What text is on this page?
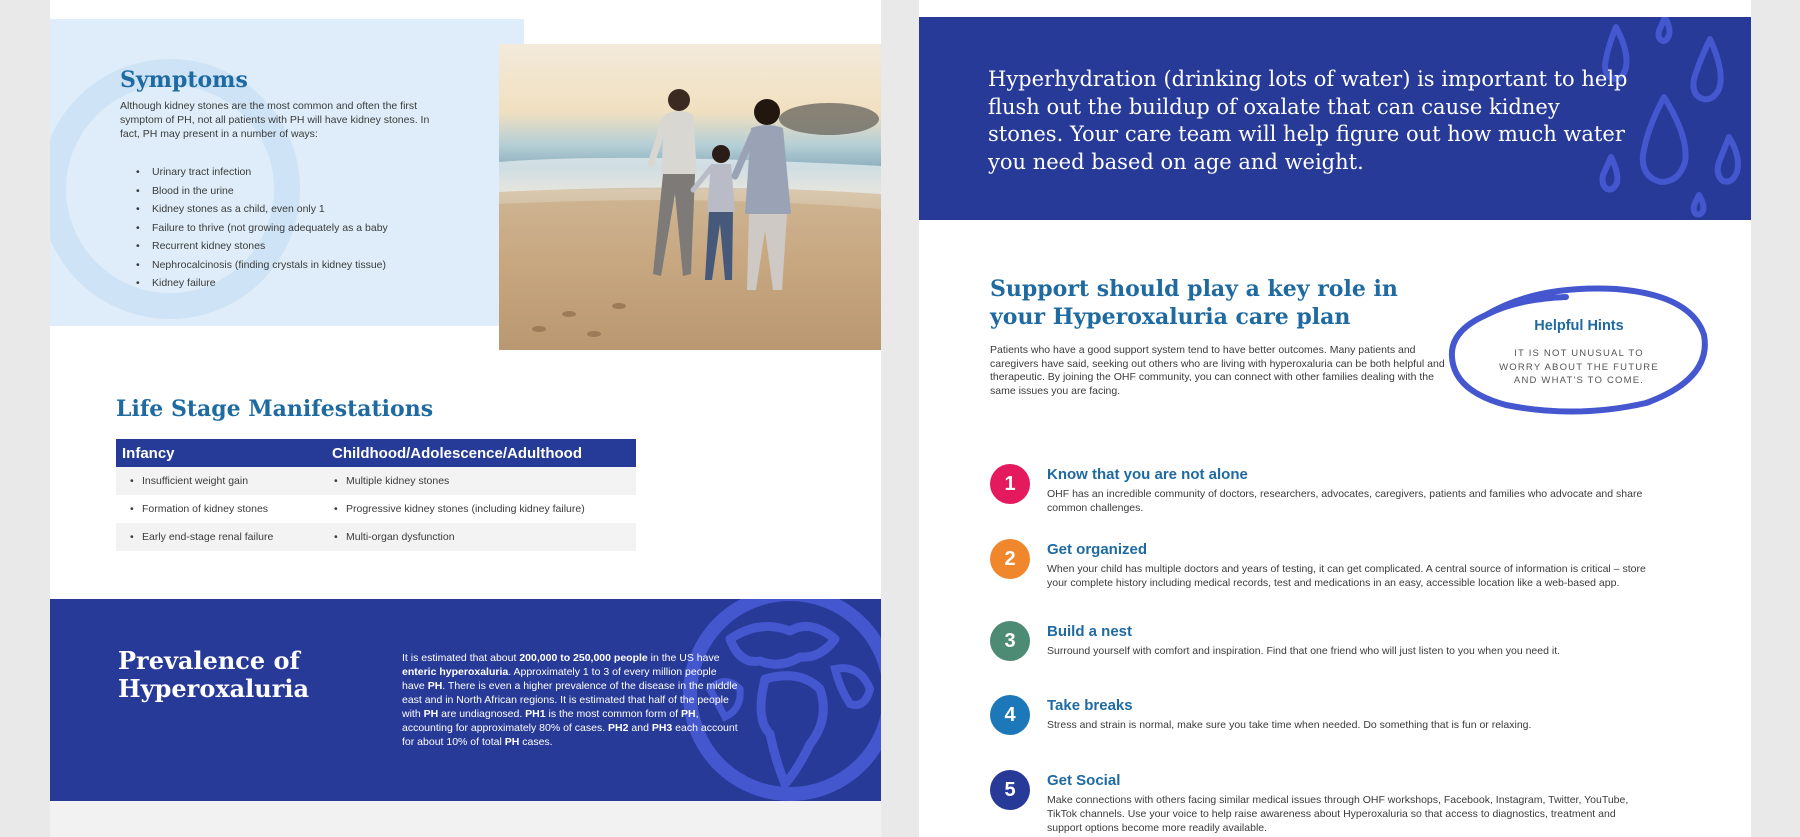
Symptoms

Although kidney stones are the most common and often the first symptom of PH, not all patients with PH will have kidney stones. In fact, PH may present in a number of ways:

• Urinary tract infection
• Blood in the urine
• Kidney stones as a child, even only 1
• Failure to thrive (not growing adequately as a baby
• Recurrent kidney stones
• Nephrocalcinosis (finding crystals in kidney tissue)
• Kidney failure
Life Stage Manifestations
Infancy	Childhood/Adolescence/Adulthood
• Insufficient weight gain	• Multiple kidney stones
• Formation of kidney stones	• Progressive kidney stones (including kidney failure)
• Early end-stage renal failure	• Multi-organ dysfunction
Prevalence of
Hyperoxaluria

It is estimated that about 200,000 to 250,000 people in the US have enteric hyperoxaluria. Approximately 1 to 3 of every million people have PH. There is even a higher prevalence of the disease in the middle east and in North African regions. It is estimated that half of the people with PH are undiagnosed. PH1 is the most common form of PH, accounting for approximately 80% of cases. PH2 and PH3 each account for about 10% of total PH cases.

Hyperhydration (drinking lots of water) is important to help flush out the buildup of oxalate that can cause kidney stones. Your care team will help figure out how much water you need based on age and weight.

Support should play a key role in your Hyperoxaluria care plan

Patients who have a good support system tend to have better outcomes. Many patients and caregivers have said, seeking out others who are living with hyperoxaluria can be both helpful and therapeutic. By joining the OHF community, you can connect with other families dealing with the same issues you are facing.

Helpful Hints
IT IS NOT UNUSUAL TO WORRY ABOUT THE FUTURE AND WHAT'S TO COME.
1	Know that you are not alone
OHF has an incredible community of doctors, researchers, advocates, caregivers, patients and families who advocate and share common challenges.
2	Get organized
When your child has multiple doctors and years of testing, it can get complicated. A central source of information is critical – store your complete history including medical records, test and medications in an easy, accessible location like a web-based app.
3	Build a nest
Surround yourself with comfort and inspiration. Find that one friend who will just listen to you when you need it.
4	Take breaks
Stress and strain is normal, make sure you take time when needed. Do something that is fun or relaxing.
5	Get Social
Make connections with others facing similar medical issues through OHF workshops, Facebook, Instagram, Twitter, YouTube, TikTok channels. Use your voice to help raise awareness about Hyperoxaluria so that access to diagnostics, treatment and support options become more readily available.
